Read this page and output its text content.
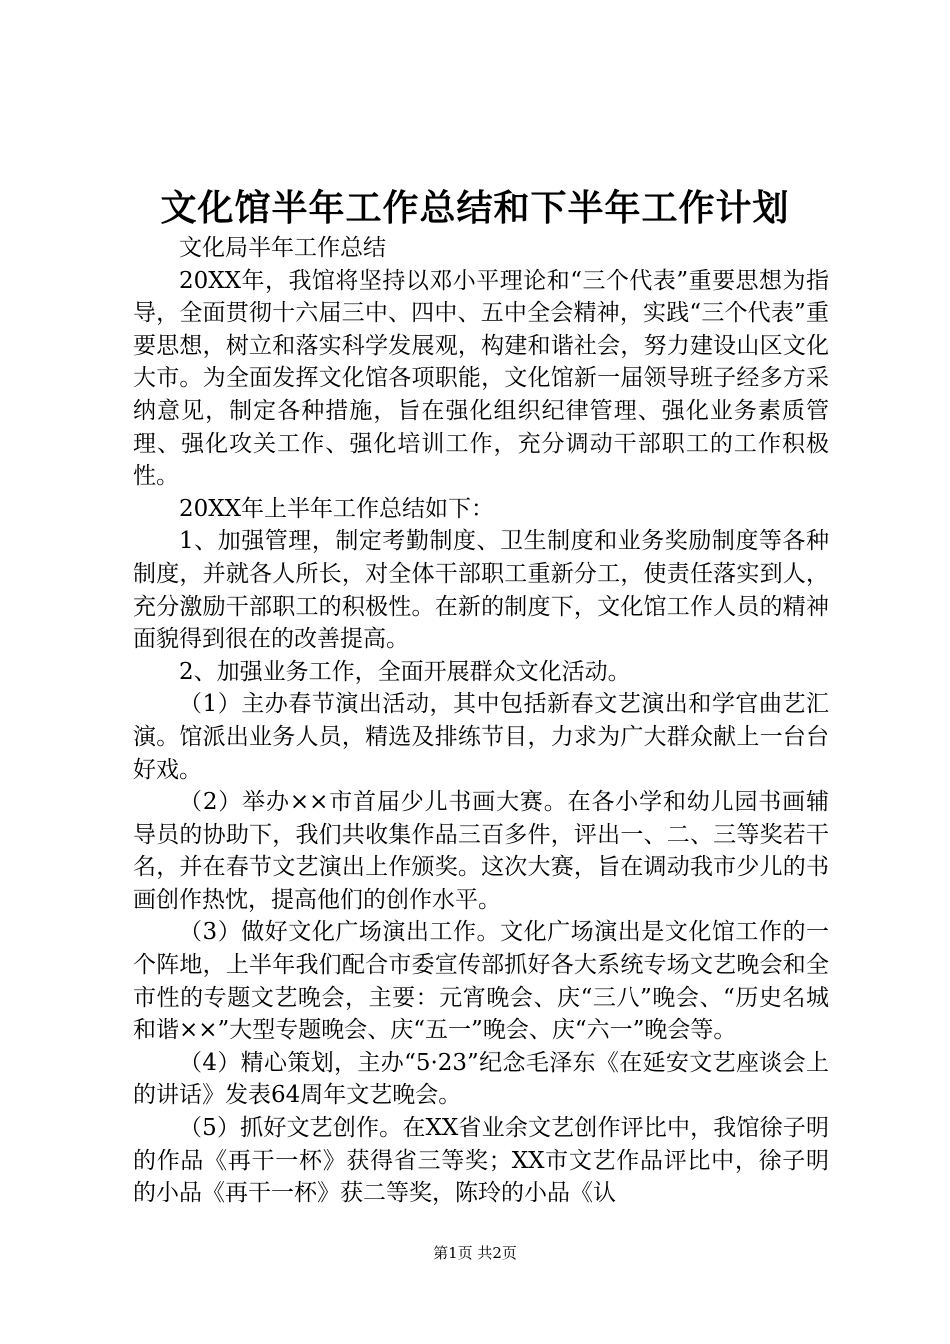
文化馆半年工作总结和下半年工作计划

文化局半年工作总结

20XX年，我馆将坚持以邓小平理论和“三个代表”重要思想为指导，全面贯彻十六届三中、四中、五中全会精神，实践“三个代表”重要思想，树立和落实科学发展观，构建和谐社会，努力建设山区文化大市。为全面发挥文化馆各项职能，文化馆新一届领导班子经多方采纳意见，制定各种措施，旨在强化组织纪律管理、强化业务素质管理、强化攻关工作、强化培训工作，充分调动干部职工的工作积极性。

20XX年上半年工作总结如下：

1、加强管理，制定考勤制度、卫生制度和业务奖励制度等各种制度，并就各人所长，对全体干部职工重新分工，使责任落实到人，充分激励干部职工的积极性。在新的制度下，文化馆工作人员的精神面貌得到很在的改善提高。

2、加强业务工作，全面开展群众文化活动。

（1）主办春节演出活动，其中包括新春文艺演出和学官曲艺汇演。馆派出业务人员，精选及排练节目，力求为广大群众献上一台台好戏。

（2）举办××市首届少儿书画大赛。在各小学和幼儿园书画辅导员的协助下，我们共收集作品三百多件，评出一、二、三等奖若干名，并在春节文艺演出上作颁奖。这次大赛，旨在调动我市少儿的书画创作热忱，提高他们的创作水平。

（3）做好文化广场演出工作。文化广场演出是文化馆工作的一个阵地，上半年我们配合市委宣传部抓好各大系统专场文艺晚会和全市性的专题文艺晚会，主要：元宵晚会、庆“三八”晚会、“历史名城和谐××”大型专题晚会、庆“五一”晚会、庆“六一”晚会等。

（4）精心策划，主办“5·23”纪念毛泽东《在延安文艺座谈会上的讲话》发表64周年文艺晚会。

（5）抓好文艺创作。在XX省业余文艺创作评比中，我馆徐子明的作品《再干一杯》获得省三等奖；XX市文艺作品评比中，徐子明的小品《再干一杯》获二等奖，陈玲的小品《认

第1页 共2页
